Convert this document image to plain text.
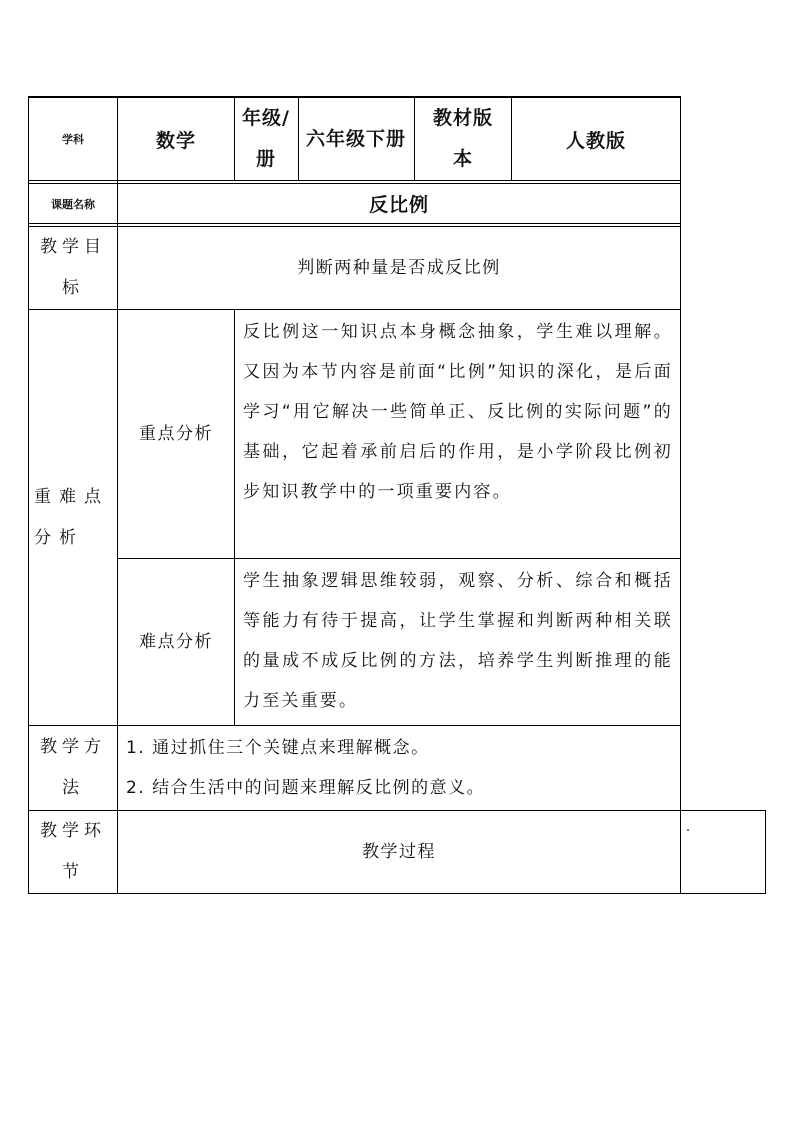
学科	数学
年级/册
六年级下册
教材版本
人教版
课题名称	反比例
教学目标
判断两种量是否成反比例
重难点分析
重点分析
反比例这一知识点本身概念抽象，学生难以理解。又因为本节内容是前面“比例”知识的深化，是后面学习“用它解决一些简单正、反比例的实际问题”的基础，它起着承前启后的作用，是小学阶段比例初步知识教学中的一项重要内容。
难点分析
学生抽象逻辑思维较弱，观察、分析、综合和概括等能力有待于提高，让学生掌握和判断两种相关联的量成不成反比例的方法，培养学生判断推理的能力至关重要。
教学方法
1. 通过抓住三个关键点来理解概念。
2. 结合生活中的问题来理解反比例的意义。
教学环节
教学过程
